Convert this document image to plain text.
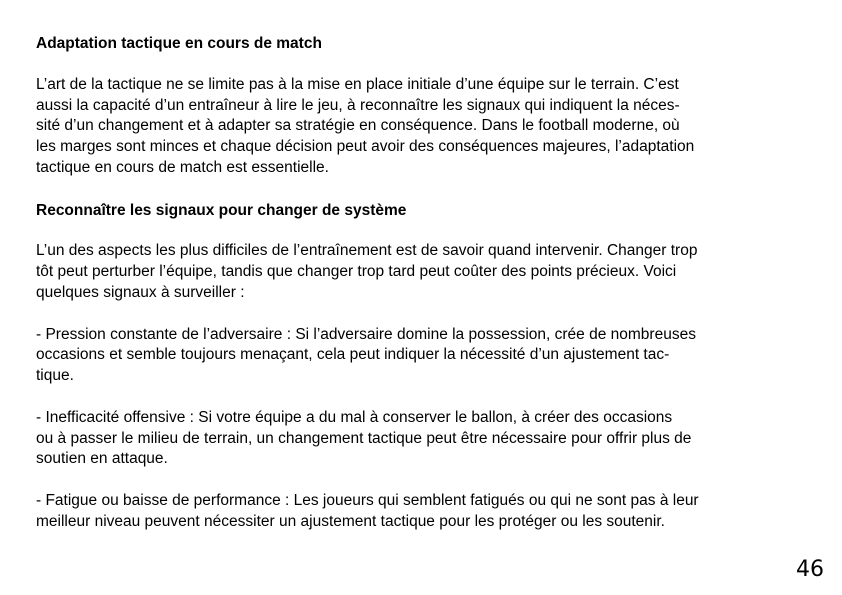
Adaptation tactique en cours de match

L’art de la tactique ne se limite pas à la mise en place initiale d’une équipe sur le terrain. C’est
aussi la capacité d’un entraîneur à lire le jeu, à reconnaître les signaux qui indiquent la néces-
sité d’un changement et à adapter sa stratégie en conséquence. Dans le football moderne, où
les marges sont minces et chaque décision peut avoir des conséquences majeures, l’adaptation
tactique en cours de match est essentielle.

Reconnaître les signaux pour changer de système

L’un des aspects les plus difficiles de l’entraînement est de savoir quand intervenir. Changer trop
tôt peut perturber l’équipe, tandis que changer trop tard peut coûter des points précieux. Voici
quelques signaux à surveiller :

- Pression constante de l’adversaire : Si l’adversaire domine la possession, crée de nombreuses
occasions et semble toujours menaçant, cela peut indiquer la nécessité d’un ajustement tac-
tique.

- Inefficacité offensive : Si votre équipe a du mal à conserver le ballon, à créer des occasions
ou à passer le milieu de terrain, un changement tactique peut être nécessaire pour offrir plus de
soutien en attaque.

- Fatigue ou baisse de performance : Les joueurs qui semblent fatigués ou qui ne sont pas à leur
meilleur niveau peuvent nécessiter un ajustement tactique pour les protéger ou les soutenir.

46
